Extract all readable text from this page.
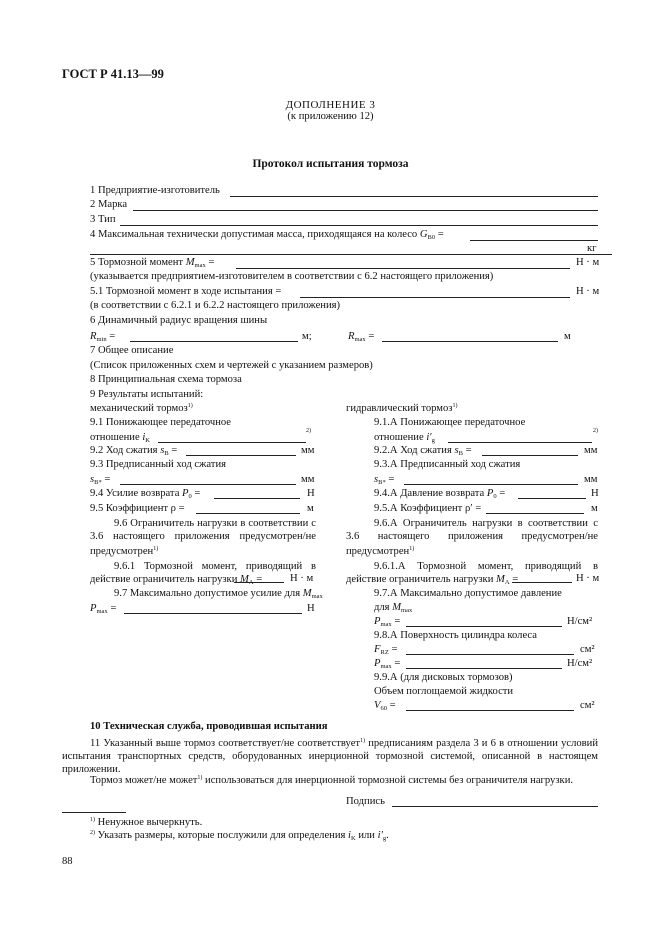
ГОСТ Р 41.13—99
ДОПОЛНЕНИЕ 3
(к приложению 12)
Протокол испытания тормоза
1 Предприятие-изготовитель
2 Марка
3 Тип
4 Максимальная технически допустимая масса, приходящаяся на колесо $G_{B0}$ =
кг
5 Тормозной момент $M_{max}$ =	Н · м
(указывается предприятием-изготовителем в соответствии с 6.2 настоящего приложения)
5.1 Тормозной момент в ходе испытания =	Н · м
(в соответствии с 6.2.1 и 6.2.2 настоящего приложения)
6 Динамичный радиус вращения шины
$R_{min}$ =	м;	$R_{max}$ =	м
7 Общее описание
(Список приложенных схем и чертежей с указанием размеров)
8 Принципиальная схема тормоза
9 Результаты испытаний:
механический тормоз$^{1)}$
9.1 Понижающее передаточное
отношение $i_K$
2)
9.2 Ход сжатия $s_B$ =	мм
9.3 Предписанный ход сжатия
$s_{B*}$ =	мм
9.4 Усилие возврата $P_0$ =	Н
9.5 Коэффициент ρ =	м
9.6 Ограничитель нагрузки в соответствии с 3.6 настоящего приложения предусмотрен/не предусмотрен$^{1)}$
9.6.1 Тормозной момент, приводящий в действие ограничитель нагрузки $M_A$ =	Н · м
9.7 Максимально допустимое усилие для $M_{max}$
$P_{max}$ =	Н
гидравлический тормоз$^{1)}$
9.1.А Понижающее передаточное
отношение $i'_g$
2)
9.2.А Ход сжатия $s_B$ =	мм
9.3.А Предписанный ход сжатия
$s_{B*}$ =	мм
9.4.А Давление возврата $P_0$ =	Н
9.5.А Коэффициент ρ′ =	м
9.6.А Ограничитель нагрузки в соответствии с 3.6 настоящего приложения предусмотрен/не предусмотрен$^{1)}$
9.6.1.А Тормозной момент, приводящий в действие ограничитель нагрузки $M_A$ =	Н · м
9.7.А Максимально допустимое давление
для $M_{max}$
$P_{max}$ =	Н/см²
9.8.А Поверхность цилиндра колеса
$F_{RZ}$ =	см²
$P_{max}$ =	Н/см²
9.9.А (для дисковых тормозов)
Объем поглощаемой жидкости
$V_{60}$ =	см²
10 Техническая служба, проводившая испытания
11 Указанный выше тормоз соответствует/не соответствует$^{1)}$ предписаниям раздела 3 и 6 в отношении условий испытания транспортных средств, оборудованных инерционной тормозной системой, описанной в настоящем приложении.
Тормоз может/не может$^{1)}$ использоваться для инерционной тормозной системы без ограничителя нагрузки.
Подпись
$^{1)}$ Ненужное вычеркнуть.
$^{2)}$ Указать размеры, которые послужили для определения $i_K$ или $i'_g$.
88
